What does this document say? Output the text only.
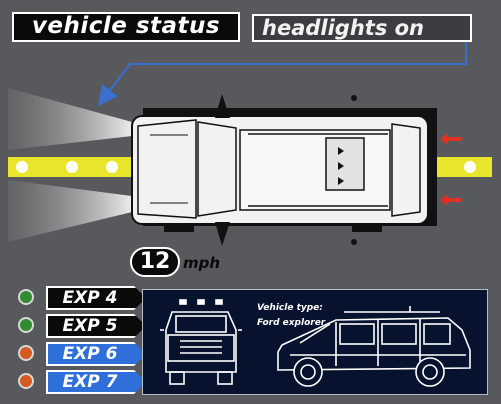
vehicle status	headlights on
12 mph
EXP 4
EXP 5
EXP 6
EXP 7
Vehicle type:
Ford explorer
